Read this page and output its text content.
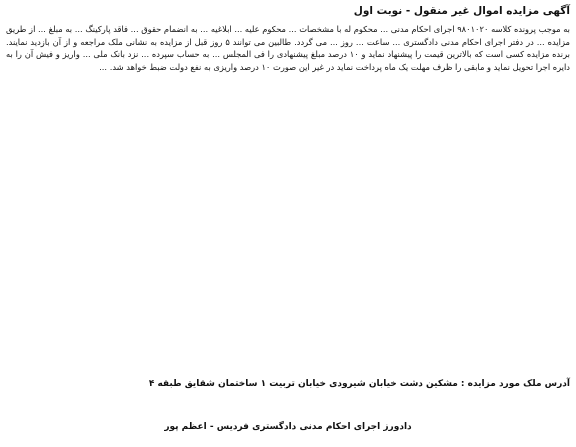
آگهی مزایده اموال غیر منقول - نوبت اول

به موجب پرونده کلاسه ۹۸۰۱۰۲۰ اجرای احکام مدنی ... محکوم له با مشخصات ... محکوم علیه ... ابلاغیه ... به انضمام حقوق ... فاقد پارکینگ ... به مبلغ ... از طریق مزایده ... در دفتر اجرای احکام مدنی دادگستری ... ساعت ... روز ... می گردد. طالبین می توانند ۵ روز قبل از مزایده به نشانی ملک مراجعه و از آن بازدید نمایند. برنده مزایده کسی است که بالاترین قیمت را پیشنهاد نماید و ۱۰ درصد مبلغ پیشنهادی را فی المجلس ... به حساب سپرده ... نزد بانک ملی ... واریز و فیش آن را به دایره اجرا تحویل نماید و مابقی را ظرف مهلت یک ماه پرداخت نماید در غیر این صورت ۱۰ درصد واریزی به نفع دولت ضبط خواهد شد. ...

آدرس ملک مورد مزایده : مشکین دشت خیابان شیرودی خیابان تربیت ۱ ساختمان شقایق طبقه ۴
دادورز اجرای احکام مدنی دادگستری فردیس - اعظم پور
